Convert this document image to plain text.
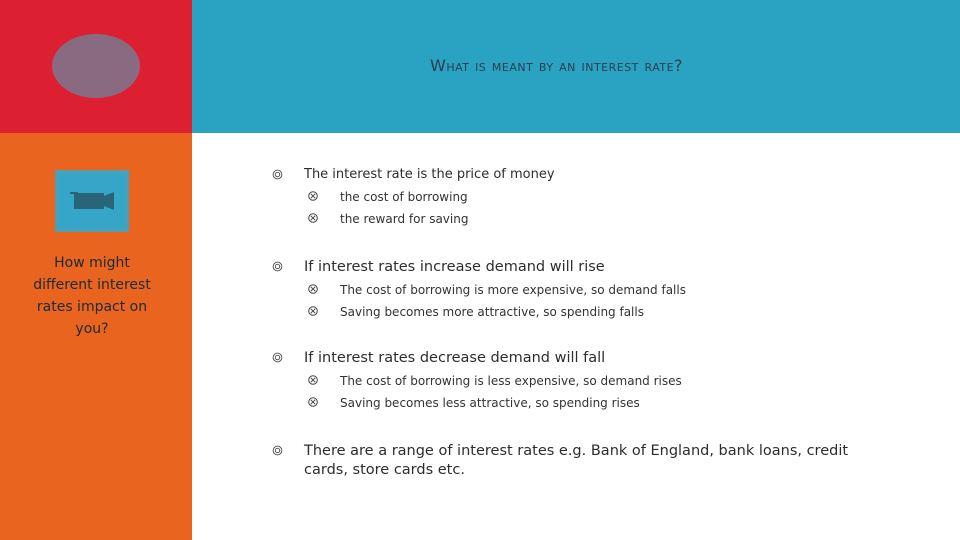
What is meant by an interest rate?
How might different interest rates impact on you?
The interest rate is the price of money
the cost of borrowing
the reward for saving
If interest rates increase demand will rise
The cost of borrowing is more expensive, so demand falls
Saving becomes more attractive, so spending falls
If interest rates decrease demand will fall
The cost of borrowing is less expensive, so demand rises
Saving becomes less attractive, so spending rises
There are a range of interest rates e.g. Bank of England, bank loans, credit cards, store cards etc.
